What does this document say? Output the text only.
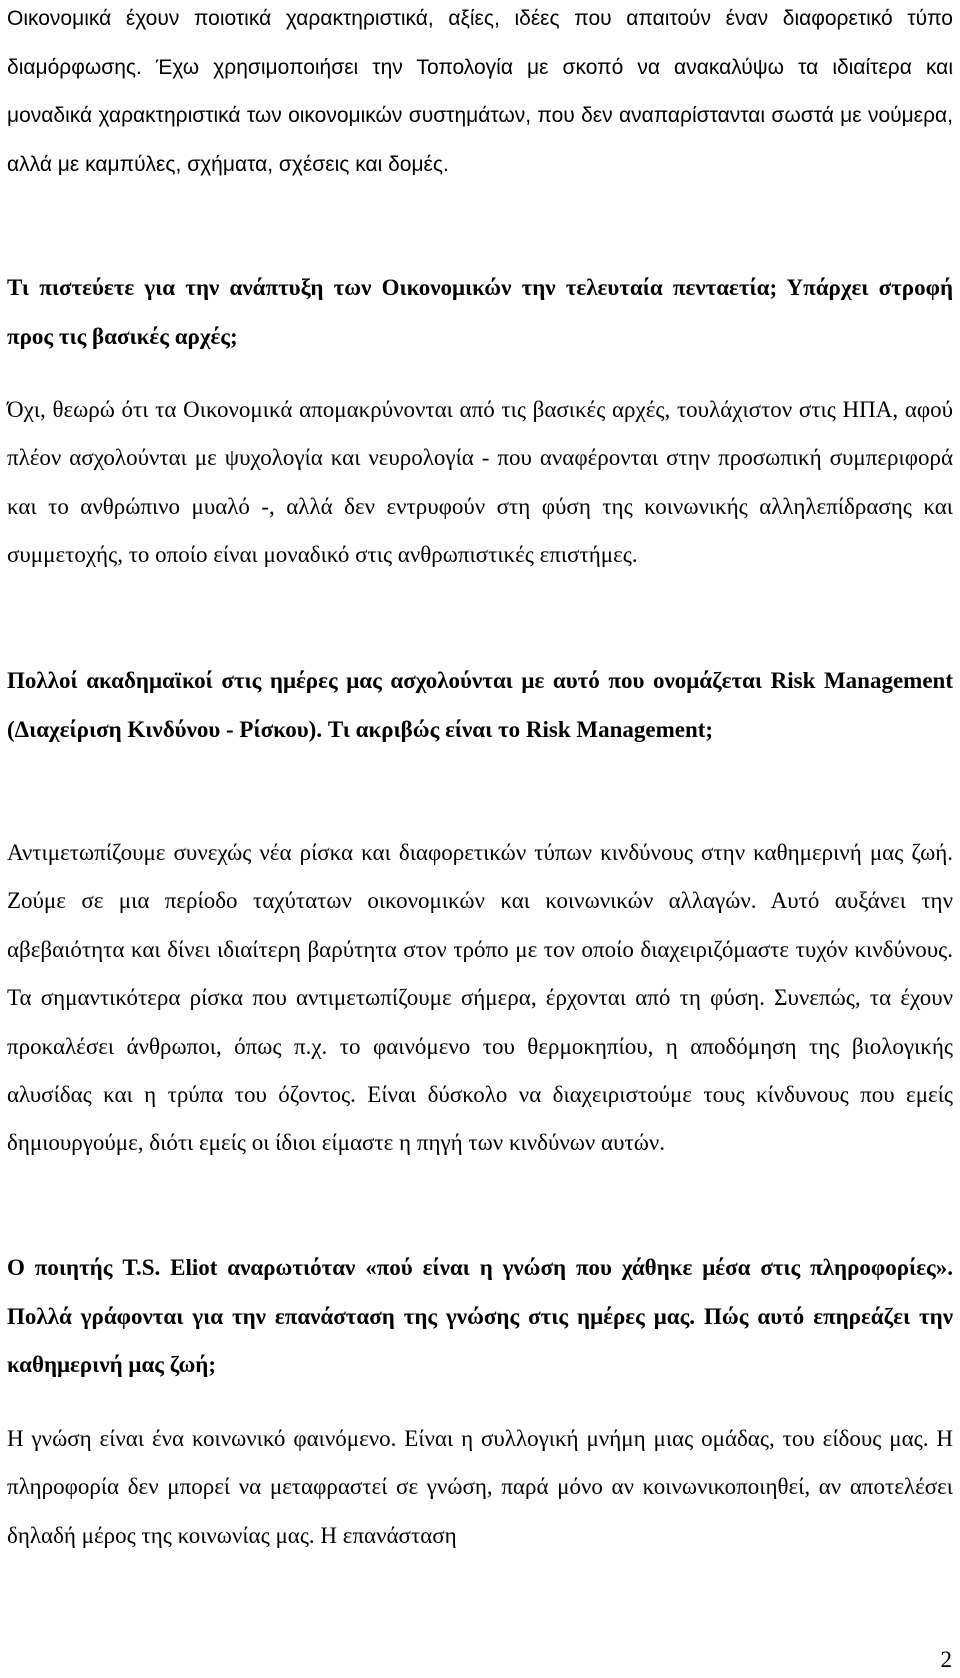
Οικονομικά έχουν ποιοτικά χαρακτηριστικά, αξίες, ιδέες που απαιτούν έναν διαφορετικό τύπο διαμόρφωσης. Έχω χρησιμοποιήσει την Τοπολογία με σκοπό να ανακαλύψω τα ιδιαίτερα και μοναδικά χαρακτηριστικά των οικονομικών συστημάτων, που δεν αναπαρίστανται σωστά με νούμερα, αλλά με καμπύλες, σχήματα, σχέσεις και δομές.

Τι πιστεύετε για την ανάπτυξη των Οικονομικών την τελευταία πενταετία; Υπάρχει στροφή προς τις βασικές αρχές;

Όχι, θεωρώ ότι τα Οικονομικά απομακρύνονται από τις βασικές αρχές, τουλάχιστον στις ΗΠΑ, αφού πλέον ασχολούνται με ψυχολογία και νευρολογία - που αναφέρονται στην προσωπική συμπεριφορά και το ανθρώπινο μυαλό -, αλλά δεν εντρυφούν στη φύση της κοινωνικής αλληλεπίδρασης και συμμετοχής, το οποίο είναι μοναδικό στις ανθρωπιστικές επιστήμες.

Πολλοί ακαδημαϊκοί στις ημέρες μας ασχολούνται με αυτό που ονομάζεται Risk Management (Διαχείριση Κινδύνου - Ρίσκου). Τι ακριβώς είναι το Risk Management;

Αντιμετωπίζουμε συνεχώς νέα ρίσκα και διαφορετικών τύπων κινδύνους στην καθημερινή μας ζωή. Ζούμε σε μια περίοδο ταχύτατων οικονομικών και κοινωνικών αλλαγών. Αυτό αυξάνει την αβεβαιότητα και δίνει ιδιαίτερη βαρύτητα στον τρόπο με τον οποίο διαχειριζόμαστε τυχόν κινδύνους. Τα σημαντικότερα ρίσκα που αντιμετωπίζουμε σήμερα, έρχονται από τη φύση. Συνεπώς, τα έχουν προκαλέσει άνθρωποι, όπως π.χ. το φαινόμενο του θερμοκηπίου, η αποδόμηση της βιολογικής αλυσίδας και η τρύπα του όζοντος. Είναι δύσκολο να διαχειριστούμε τους κίνδυνους που εμείς δημιουργούμε, διότι εμείς οι ίδιοι είμαστε η πηγή των κινδύνων αυτών.

Ο ποιητής T.S. Eliot αναρωτιόταν «πού είναι η γνώση που χάθηκε μέσα στις πληροφορίες». Πολλά γράφονται για την επανάσταση της γνώσης στις ημέρες μας. Πώς αυτό επηρεάζει την καθημερινή μας ζωή;

Η γνώση είναι ένα κοινωνικό φαινόμενο. Είναι η συλλογική μνήμη μιας ομάδας, του είδους μας. Η πληροφορία δεν μπορεί να μεταφραστεί σε γνώση, παρά μόνο αν κοινωνικοποιηθεί, αν αποτελέσει δηλαδή μέρος της κοινωνίας μας. Η επανάσταση

2
